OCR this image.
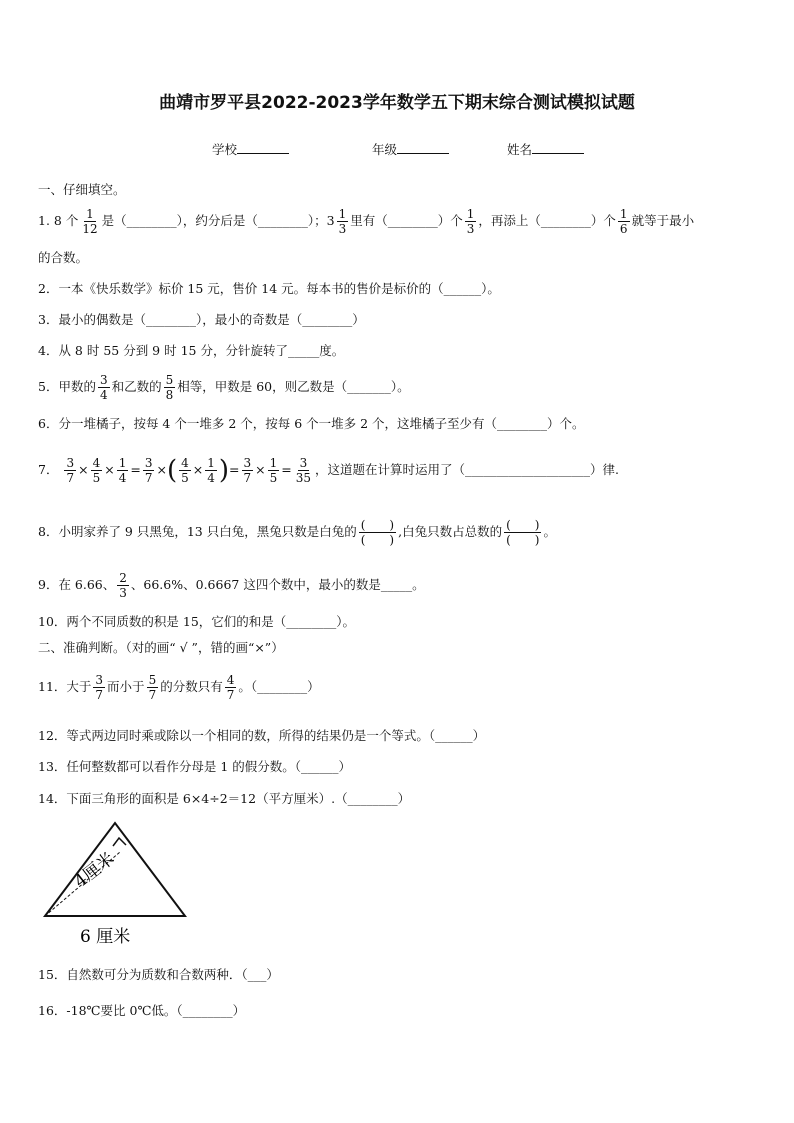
曲靖市罗平县2022-2023学年数学五下期末综合测试模拟试题
学校	年级	姓名
一、仔细填空。
1. 8 个 $\frac{1}{12}$ 是（________），约分后是（________）；$3 \frac{1}{3}$ 里有（________）个 $\frac{1}{3}$ ，再添上（________）个 $\frac{1}{6}$ 就等于最小
的合数。
2．一本《快乐数学》标价 15 元，售价 14 元。每本书的售价是标价的（______）。
3．最小的偶数是（________），最小的奇数是（________）
4．从 8 时 55 分到 9 时 15 分，分针旋转了_____度。
5．甲数的 $\frac{3}{4}$ 和乙数的 $\frac{5}{8}$ 相等，甲数是 60，则乙数是（_______）。
6．分一堆橘子，按每 4 个一堆多 2 个，按每 6 个一堆多 2 个，这堆橘子至少有（________）个。
7． $\frac{3}{7} \times \frac{4}{5} \times \frac{1}{4} = \frac{3}{7}$ ×( $\frac{4}{5} \times \frac{1}{4}$ )= $\frac{3}{7} \times \frac{1}{5} = \frac{3}{35}$ ，这道题在计算时运用了（____________________）律.
8．小明家养了 9 只黑兔，13 只白兔，黑兔只数是白兔的 $\frac{( )}{( )}$ ,白兔只数占总数的 $\frac{( )}{( )}$ 。
9．在 6.66、 $\frac{2}{3}$ 、66.6%、0.6667 这四个数中，最小的数是_____。
10．两个不同质数的积是 15，它们的和是（________）。
二、准确判断。（对的画“ √ ”，错的画“×”）
11．大于 $\frac{3}{7}$ 而小于 $\frac{5}{7}$ 的分数只有 $\frac{4}{7}$ 。（________）
12．等式两边同时乘或除以一个相同的数，所得的结果仍是一个等式。（______）
13．任何整数都可以看作分母是 1 的假分数。（______）
14．下面三角形的面积是 6×4÷2＝12（平方厘米）.（________）
4厘米
6 厘米
15．自然数可分为质数和合数两种．（___）
16．-18℃要比 0℃低。（________）
